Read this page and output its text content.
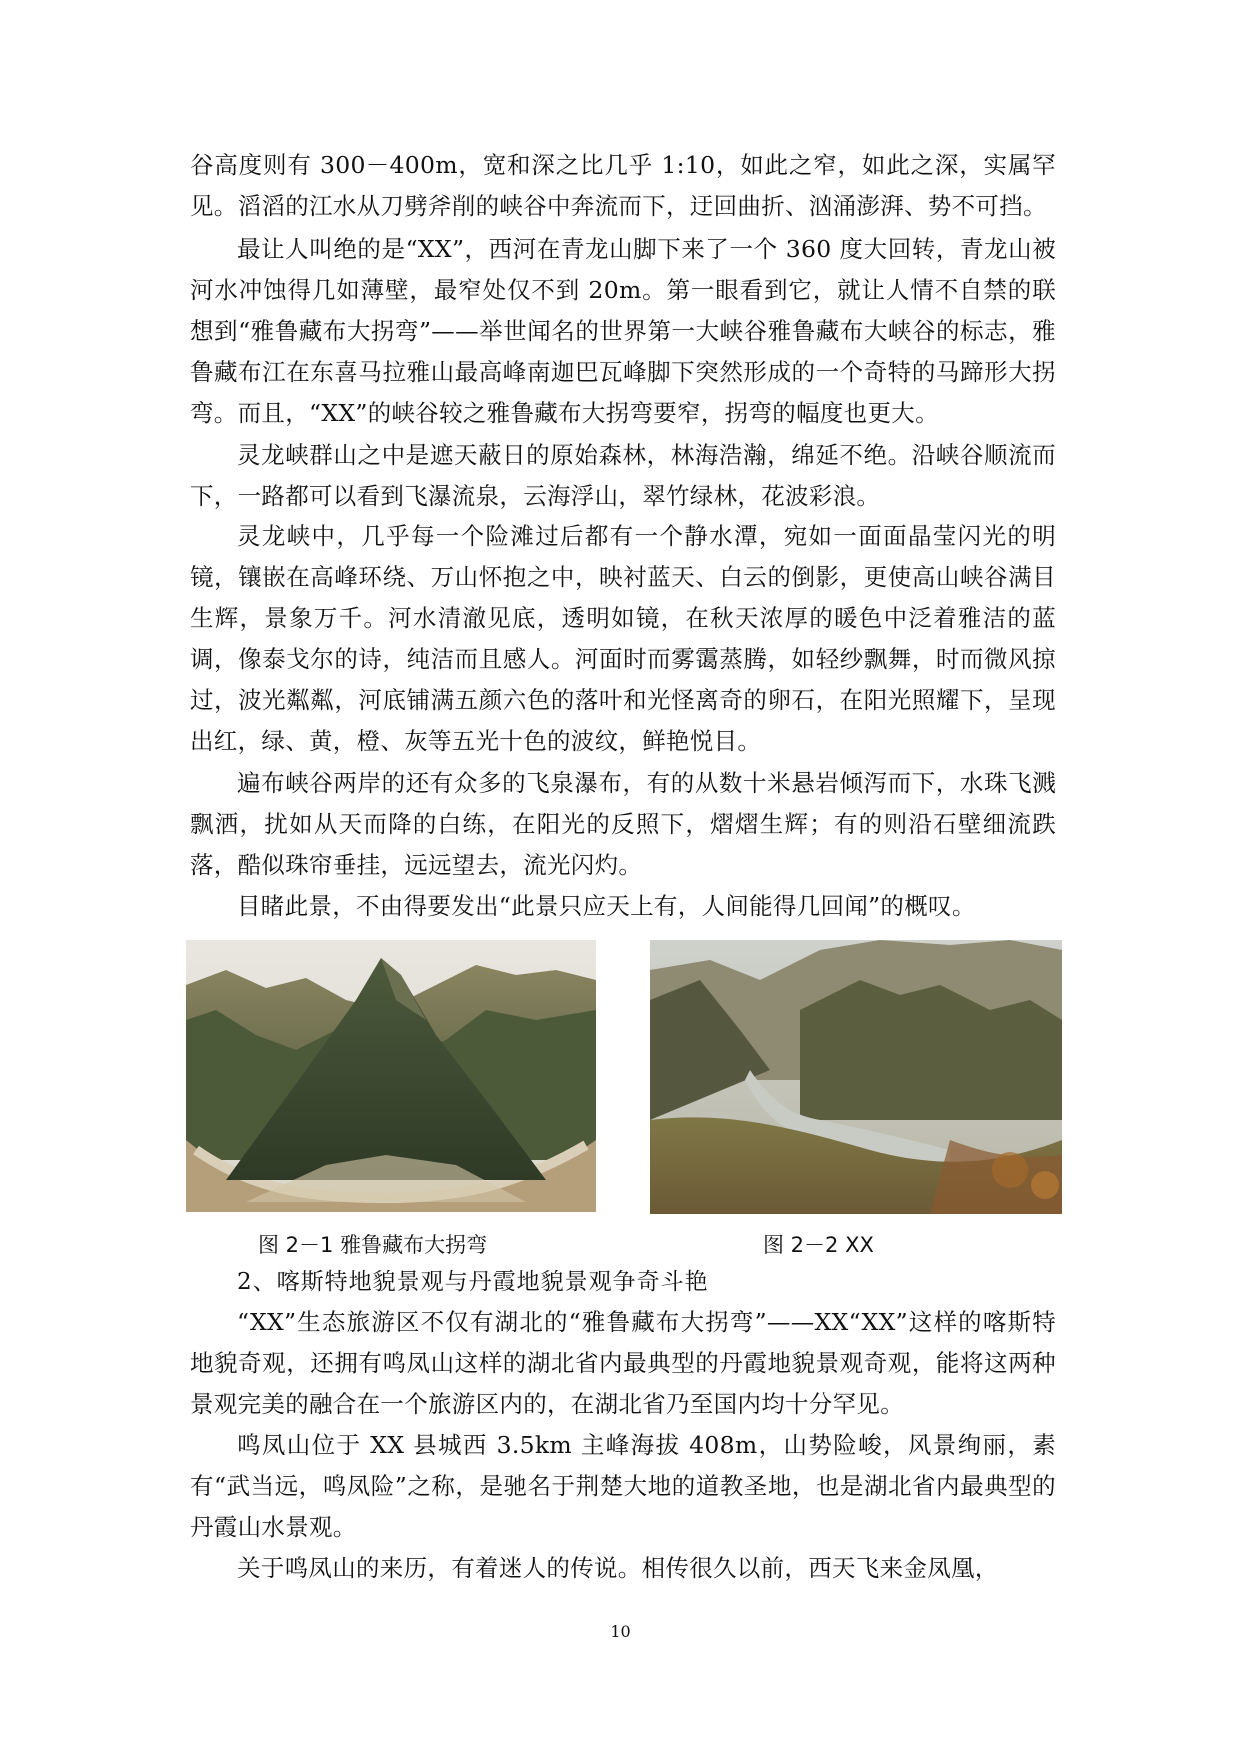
谷高度则有 300－400m，宽和深之比几乎 1:10，如此之窄，如此之深，实属罕见。滔滔的江水从刀劈斧削的峡谷中奔流而下，迂回曲折、汹涌澎湃、势不可挡。

最让人叫绝的是“XX”，西河在青龙山脚下来了一个 360 度大回转，青龙山被河水冲蚀得几如薄壁，最窄处仅不到 20m。第一眼看到它，就让人情不自禁的联想到“雅鲁藏布大拐弯”——举世闻名的世界第一大峡谷雅鲁藏布大峡谷的标志，雅鲁藏布江在东喜马拉雅山最高峰南迦巴瓦峰脚下突然形成的一个奇特的马蹄形大拐弯。而且，“XX”的峡谷较之雅鲁藏布大拐弯要窄，拐弯的幅度也更大。

灵龙峡群山之中是遮天蔽日的原始森林，林海浩瀚，绵延不绝。沿峡谷顺流而下，一路都可以看到飞瀑流泉，云海浮山，翠竹绿林，花波彩浪。

灵龙峡中，几乎每一个险滩过后都有一个静水潭，宛如一面面晶莹闪光的明镜，镶嵌在高峰环绕、万山怀抱之中，映衬蓝天、白云的倒影，更使高山峡谷满目生辉，景象万千。河水清澈见底，透明如镜，在秋天浓厚的暖色中泛着雅洁的蓝调，像泰戈尔的诗，纯洁而且感人。河面时而雾霭蒸腾，如轻纱飘舞，时而微风掠过，波光粼粼，河底铺满五颜六色的落叶和光怪离奇的卵石，在阳光照耀下，呈现出红，绿、黄，橙、灰等五光十色的波纹，鲜艳悦目。

遍布峡谷两岸的还有众多的飞泉瀑布，有的从数十米悬岩倾泻而下，水珠飞溅飘洒，扰如从天而降的白练，在阳光的反照下，熠熠生辉；有的则沿石壁细流跌落，酷似珠帘垂挂，远远望去，流光闪灼。

目睹此景，不由得要发出“此景只应天上有，人间能得几回闻”的概叹。

图 2－1 雅鲁藏布大拐弯	图 2－2 XX

2、喀斯特地貌景观与丹霞地貌景观争奇斗艳

“XX”生态旅游区不仅有湖北的“雅鲁藏布大拐弯”——XX“XX”这样的喀斯特地貌奇观，还拥有鸣凤山这样的湖北省内最典型的丹霞地貌景观奇观，能将这两种景观完美的融合在一个旅游区内的，在湖北省乃至国内均十分罕见。

鸣凤山位于 XX 县城西 3.5km 主峰海拔 408m，山势险峻，风景绚丽，素有“武当远，鸣凤险”之称，是驰名于荆楚大地的道教圣地，也是湖北省内最典型的丹霞山水景观。

关于鸣凤山的来历，有着迷人的传说。相传很久以前，西天飞来金凤凰，

10
